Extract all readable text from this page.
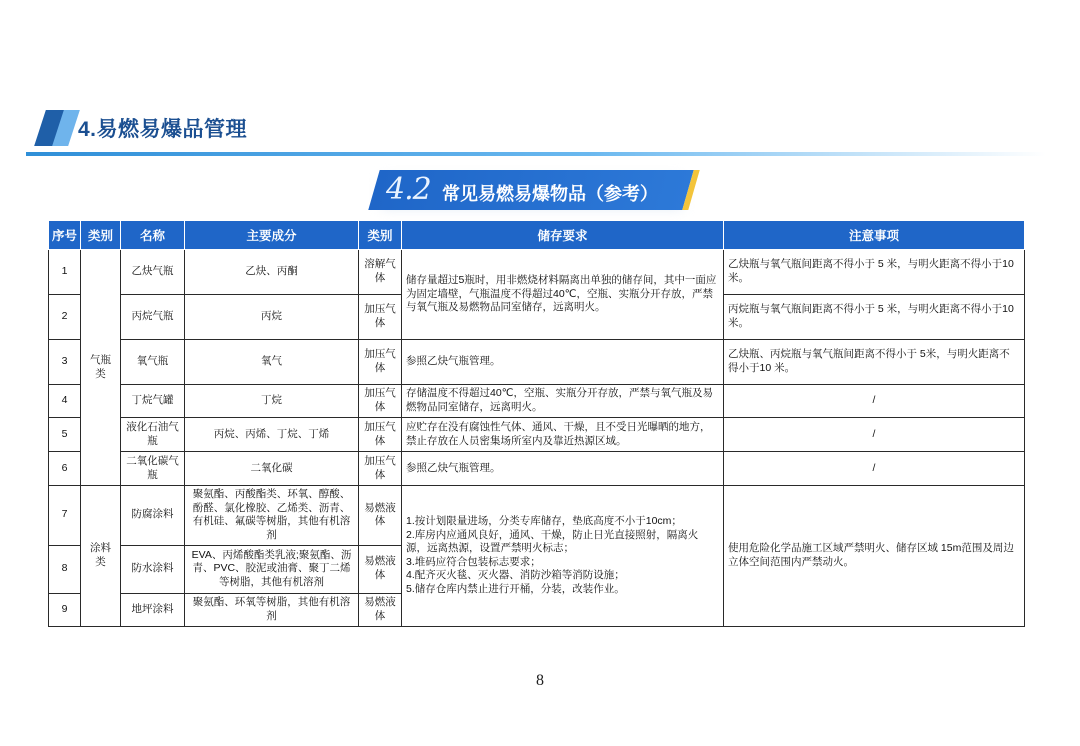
4.易燃易爆品管理
4.2 常见易燃易爆物品（参考）
序号	类别	名称	主要成分	类别	储存要求	注意事项
1	气瓶类	乙炔气瓶	乙炔、丙酮	溶解气体	储存量超过5瓶时，用非燃烧材料隔离出单独的储存间，其中一面应为固定墙壁，气瓶温度不得超过40℃，空瓶、实瓶分开存放，严禁与氧气瓶及易燃物品同室储存，远离明火。	乙炔瓶与氧气瓶间距离不得小于 5 米，与明火距离不得小于10 米。
2		丙烷气瓶	丙烷	加压气体		丙烷瓶与氧气瓶间距离不得小于 5 米，与明火距离不得小于10 米。
3		氧气瓶	氧气	加压气体	参照乙炔气瓶管理。	乙炔瓶、丙烷瓶与氧气瓶间距离不得小于 5米，与明火距离不得小于10 米。
4		丁烷气罐	丁烷	加压气体	存储温度不得超过40℃，空瓶、实瓶分开存放，严禁与氧气瓶及易燃物品同室储存，远离明火。	/
5		液化石油气瓶	丙烷、丙烯、丁烷、丁烯	加压气体	应贮存在没有腐蚀性气体、通风、干燥，且不受日光曝晒的地方，禁止存放在人员密集场所室内及靠近热源区域。	/
6		二氧化碳气瓶	二氧化碳	加压气体	参照乙炔气瓶管理。	/
7	涂料类	防腐涂料	聚氨酯、丙酸酯类、环氧、醇酸、酚醛、氯化橡胶、乙烯类、沥青、有机硅、氟碳等树脂，其他有机溶剂	易燃液体	1.按计划限量进场，分类专库储存，垫底高度不小于10cm；
2.库房内应通风良好，通风、干燥，防止日光直接照射，隔离火源，远离热源，设置严禁明火标志；
3.堆码应符合包装标志要求；
4.配齐灭火毯、灭火器、消防沙箱等消防设施；
5.储存仓库内禁止进行开桶，分装，改装作业。	使用危险化学品施工区域严禁明火、储存区域 15m范围及周边立体空间范围内严禁动火。
8		防水涂料	EVA、丙烯酸酯类乳液;聚氨酯、沥青、PVC、胶泥或油膏、聚丁二烯等树脂，其他有机溶剂	易燃液体		
9		地坪涂料	聚氨酯、环氧等树脂，其他有机溶剂	易燃液体		
8
